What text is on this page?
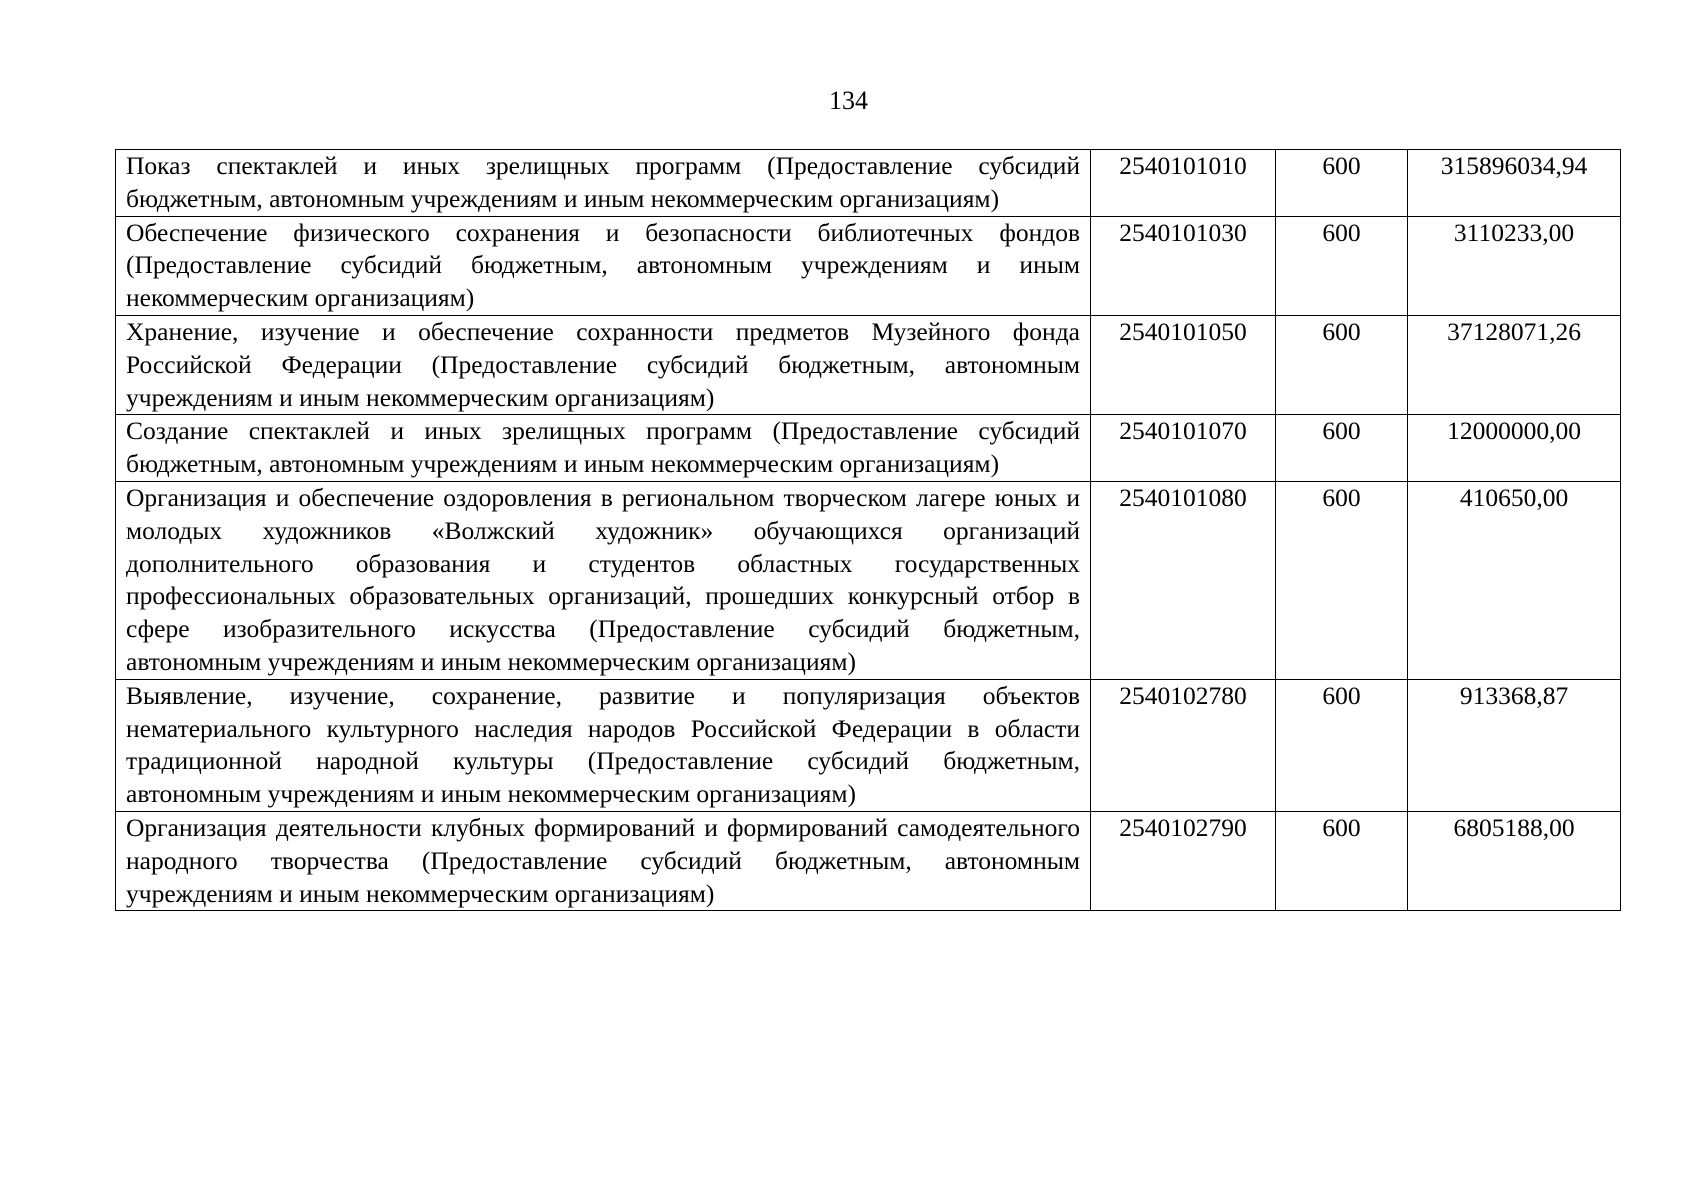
134
Показ спектаклей и иных зрелищных программ (Предоставление субсидий бюджетным, автономным учреждениям и иным некоммерческим организациям)	2540101010	600	315896034,94
Обеспечение физического сохранения и безопасности библиотечных фондов (Предоставление субсидий бюджетным, автономным учреждениям и иным некоммерческим организациям)	2540101030	600	3110233,00
Хранение, изучение и обеспечение сохранности предметов Музейного фонда Российской Федерации (Предоставление субсидий бюджетным, автономным учреждениям и иным некоммерческим организациям)	2540101050	600	37128071,26
Создание спектаклей и иных зрелищных программ (Предоставление субсидий бюджетным, автономным учреждениям и иным некоммерческим организациям)	2540101070	600	12000000,00
Организация и обеспечение оздоровления в региональном творческом лагере юных и молодых художников «Волжский художник» обучающихся организаций дополнительного образования и студентов областных государственных профессиональных образовательных организаций, прошедших конкурсный отбор в сфере изобразительного искусства (Предоставление субсидий бюджетным, автономным учреждениям и иным некоммерческим организациям)	2540101080	600	410650,00
Выявление, изучение, сохранение, развитие и популяризация объектов нематериального культурного наследия народов Российской Федерации в области традиционной народной культуры (Предоставление субсидий бюджетным, автономным учреждениям и иным некоммерческим организациям)	2540102780	600	913368,87
Организация деятельности клубных формирований и формирований самодеятельного народного творчества (Предоставление субсидий бюджетным, автономным учреждениям и иным некоммерческим организациям)	2540102790	600	6805188,00
